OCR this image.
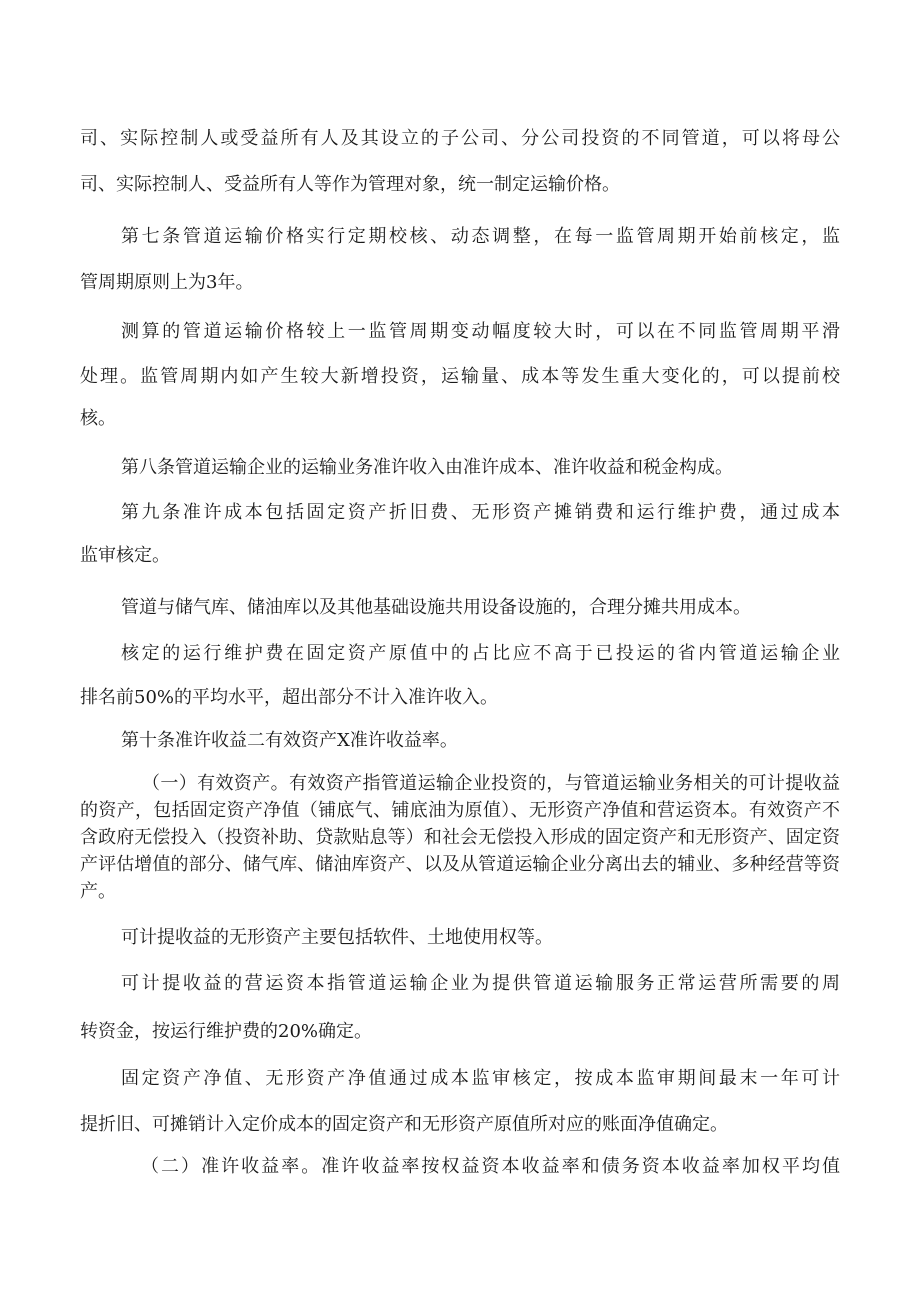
司、实际控制人或受益所有人及其设立的子公司、分公司投资的不同管道，可以将母公
司、实际控制人、受益所有人等作为管理对象，统一制定运输价格。
第七条管道运输价格实行定期校核、动态调整，在每一监管周期开始前核定，监
管周期原则上为3年。
测算的管道运输价格较上一监管周期变动幅度较大时，可以在不同监管周期平滑
处理。监管周期内如产生较大新增投资，运输量、成本等发生重大变化的，可以提前校
核。
第八条管道运输企业的运输业务准许收入由准许成本、准许收益和税金构成。
第九条准许成本包括固定资产折旧费、无形资产摊销费和运行维护费，通过成本
监审核定。
管道与储气库、储油库以及其他基础设施共用设备设施的，合理分摊共用成本。
核定的运行维护费在固定资产原值中的占比应不高于已投运的省内管道运输企业
排名前50%的平均水平，超出部分不计入准许收入。
第十条准许收益二有效资产X准许收益率。
（一）有效资产。有效资产指管道运输企业投资的，与管道运输业务相关的可计提收益的资产，包括固定资产净值（铺底气、铺底油为原值）、无形资产净值和营运资本。有效资产不含政府无偿投入（投资补助、贷款贴息等）和社会无偿投入形成的固定资产和无形资产、固定资产评估增值的部分、储气库、储油库资产、以及从管道运输企业分离出去的辅业、多种经营等资产。
可计提收益的无形资产主要包括软件、土地使用权等。
可计提收益的营运资本指管道运输企业为提供管道运输服务正常运营所需要的周
转资金，按运行维护费的20%确定。
固定资产净值、无形资产净值通过成本监审核定，按成本监审期间最末一年可计
提折旧、可摊销计入定价成本的固定资产和无形资产原值所对应的账面净值确定。
（二）准许收益率。准许收益率按权益资本收益率和债务资本收益率加权平均值
